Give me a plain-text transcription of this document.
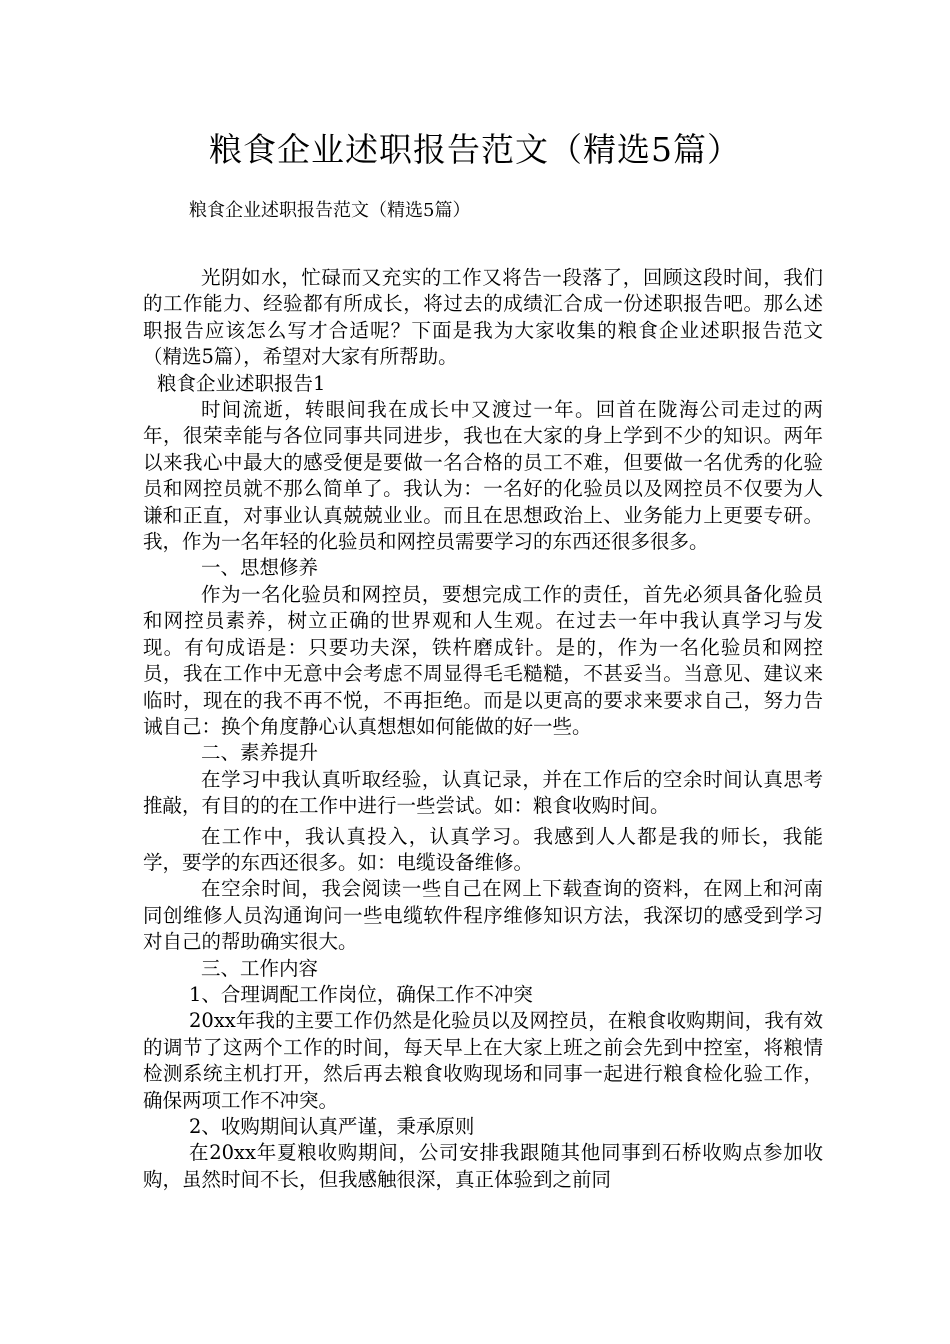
粮食企业述职报告范文（精选5篇）

粮食企业述职报告范文（精选5篇）

光阴如水，忙碌而又充实的工作又将告一段落了，回顾这段时间，我们的工作能力、经验都有所成长，将过去的成绩汇合成一份述职报告吧。那么述职报告应该怎么写才合适呢？下面是我为大家收集的粮食企业述职报告范文（精选5篇），希望对大家有所帮助。

粮食企业述职报告1

时间流逝，转眼间我在成长中又渡过一年。回首在陇海公司走过的两年，很荣幸能与各位同事共同进步，我也在大家的身上学到不少的知识。两年以来我心中最大的感受便是要做一名合格的员工不难，但要做一名优秀的化验员和网控员就不那么简单了。我认为：一名好的化验员以及网控员不仅要为人谦和正直，对事业认真兢兢业业。而且在思想政治上、业务能力上更要专研。我，作为一名年轻的化验员和网控员需要学习的东西还很多很多。

一、思想修养

作为一名化验员和网控员，要想完成工作的责任，首先必须具备化验员和网控员素养，树立正确的世界观和人生观。在过去一年中我认真学习与发现。有句成语是：只要功夫深，铁杵磨成针。是的，作为一名化验员和网控员，我在工作中无意中会考虑不周显得毛毛糙糙，不甚妥当。当意见、建议来临时，现在的我不再不悦，不再拒绝。而是以更高的要求来要求自己，努力告诫自己：换个角度静心认真想想如何能做的好一些。

二、素养提升

在学习中我认真听取经验，认真记录，并在工作后的空余时间认真思考推敲，有目的的在工作中进行一些尝试。如：粮食收购时间。

在工作中，我认真投入，认真学习。我感到人人都是我的师长，我能学，要学的东西还很多。如：电缆设备维修。

在空余时间，我会阅读一些自己在网上下载查询的资料，在网上和河南同创维修人员沟通询问一些电缆软件程序维修知识方法，我深切的感受到学习对自己的帮助确实很大。

三、工作内容

1、合理调配工作岗位，确保工作不冲突

20xx年我的主要工作仍然是化验员以及网控员，在粮食收购期间，我有效的调节了这两个工作的时间，每天早上在大家上班之前会先到中控室，将粮情检测系统主机打开，然后再去粮食收购现场和同事一起进行粮食检化验工作，确保两项工作不冲突。

2、收购期间认真严谨，秉承原则

在20xx年夏粮收购期间，公司安排我跟随其他同事到石桥收购点参加收购，虽然时间不长，但我感触很深，真正体验到之前同
